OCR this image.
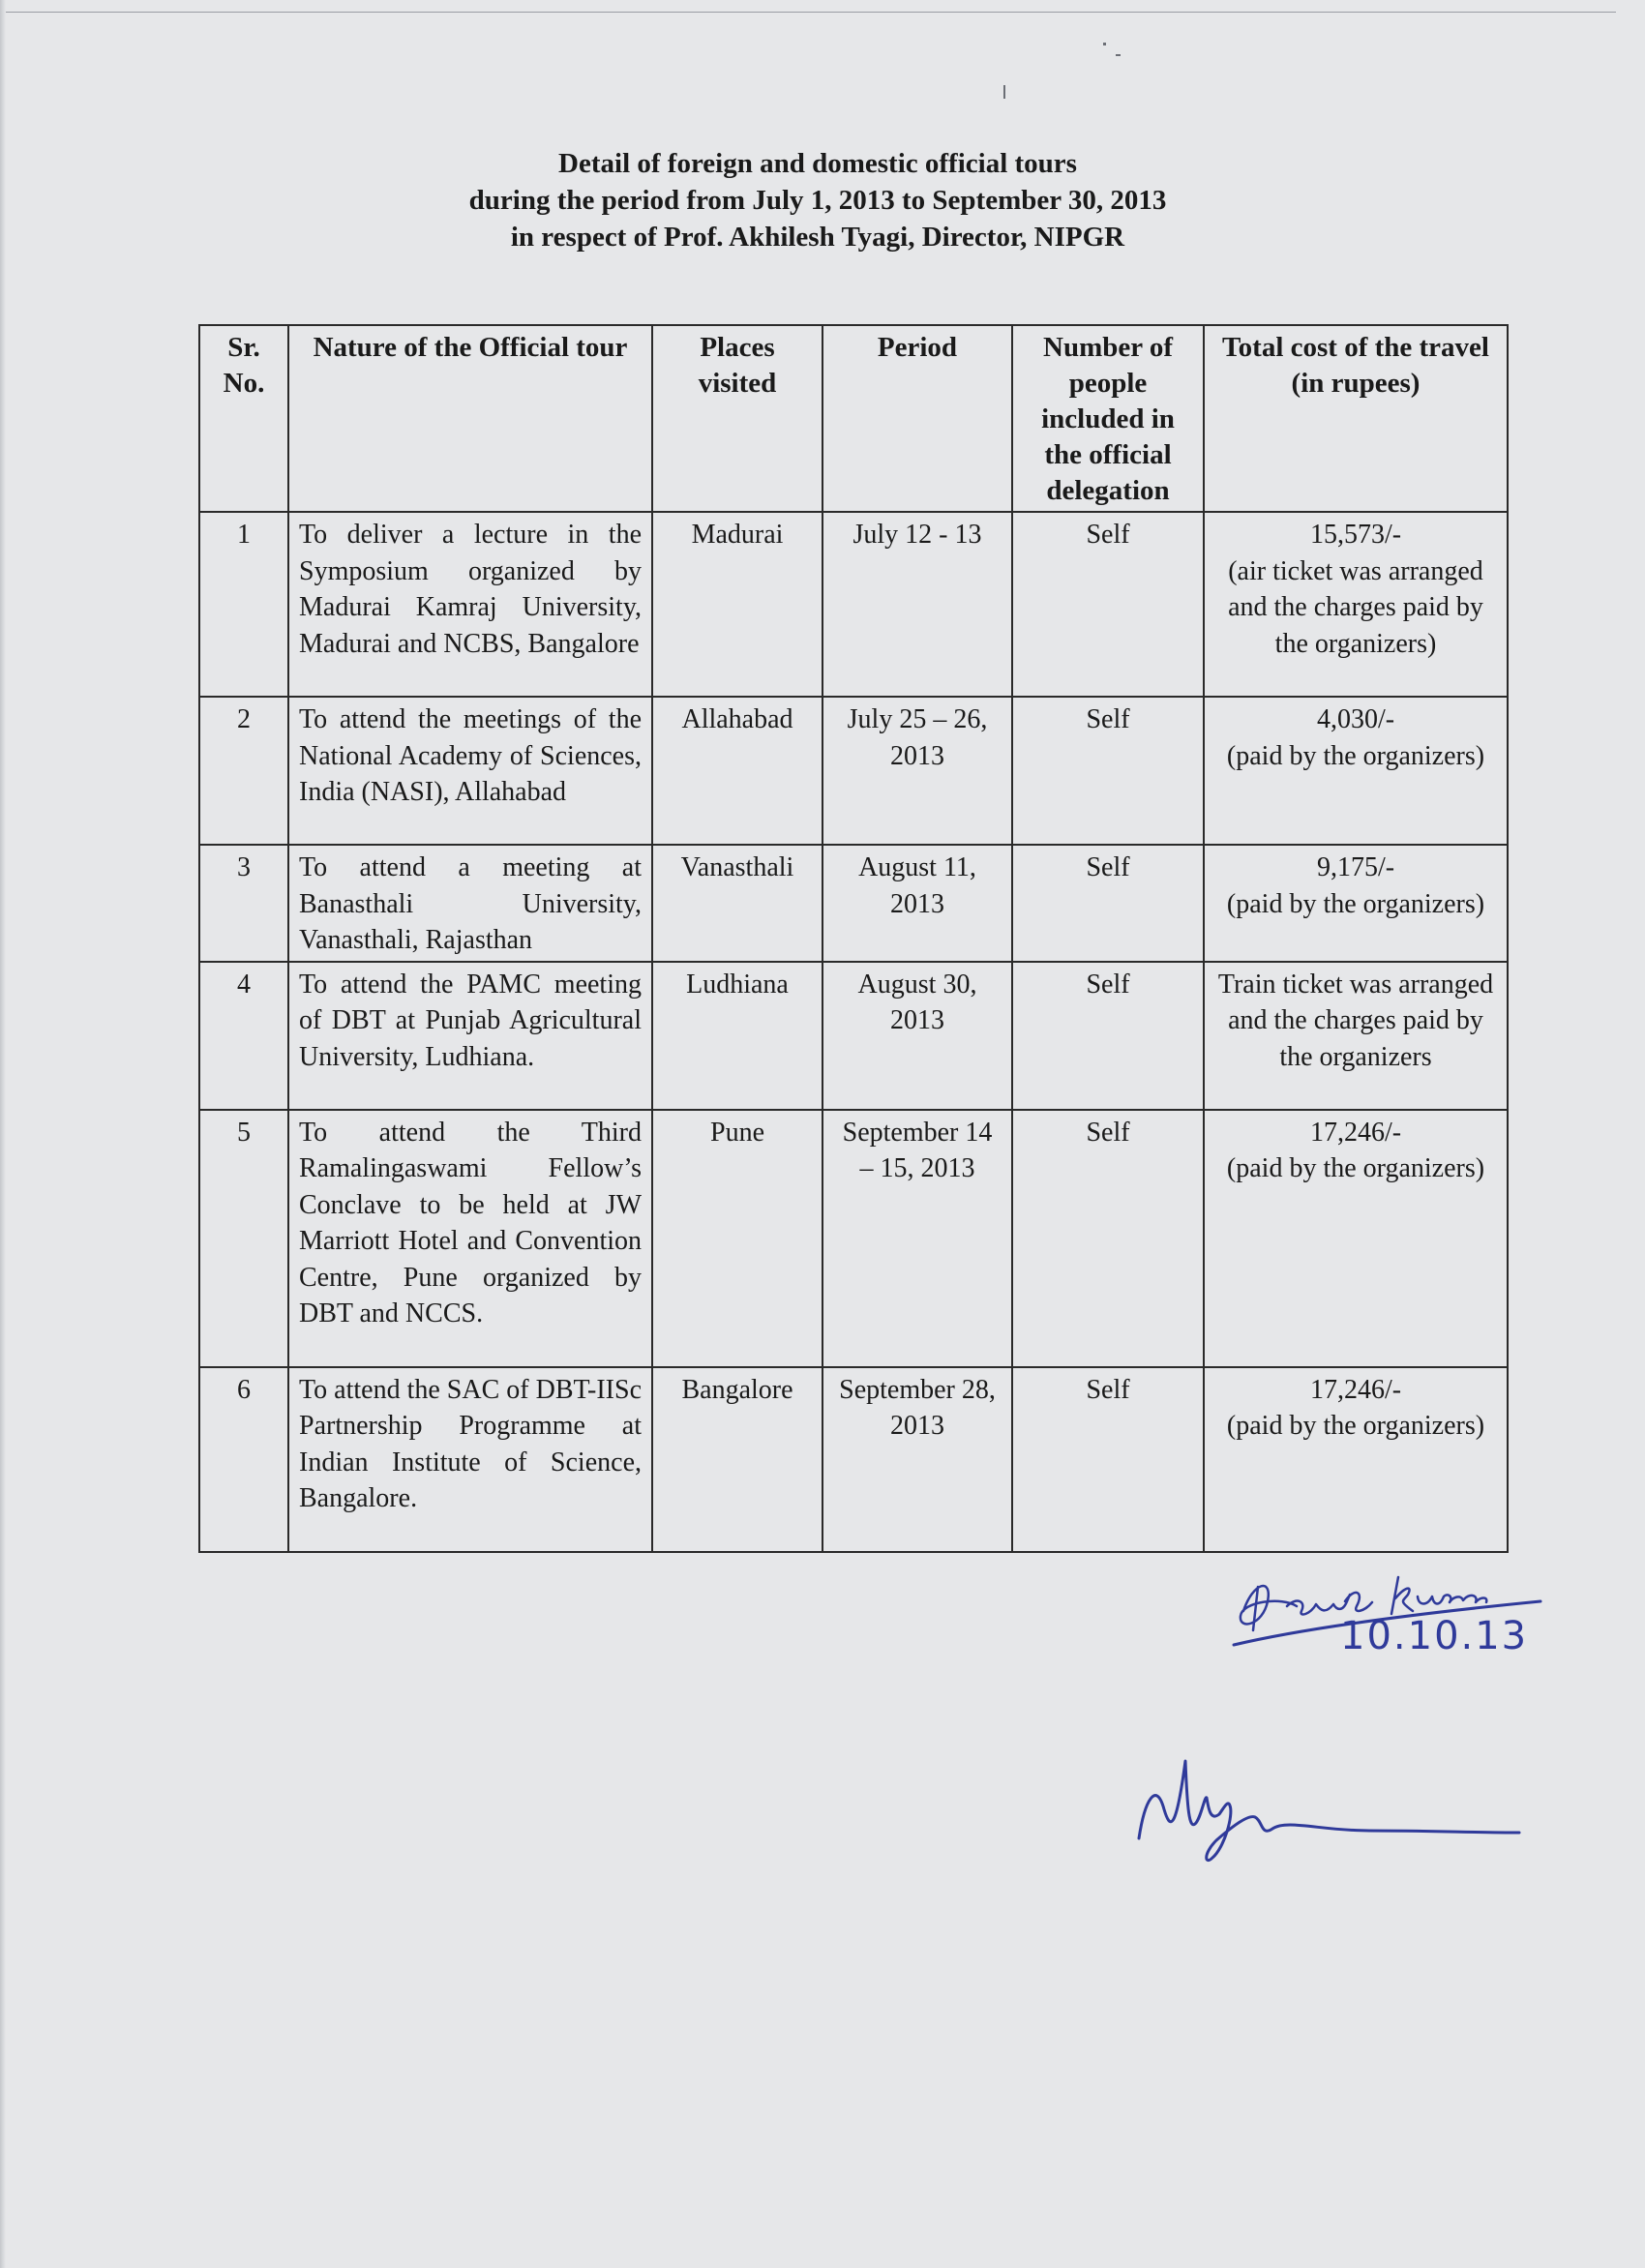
Detail of foreign and domestic official tours
during the period from July 1, 2013 to September 30, 2013
in respect of Prof. Akhilesh Tyagi, Director, NIPGR
Sr. No.	Nature of the Official tour	Places visited	Period	Number of people included in the official delegation	Total cost of the travel (in rupees)
1	To deliver a lecture in the Symposium organized by Madurai Kamraj University, Madurai and NCBS, Bangalore	Madurai	July 12 - 13	Self	15,573/-
(air ticket was arranged and the charges paid by the organizers)

2	To attend the meetings of the National Academy of Sciences, India (NASI), Allahabad	Allahabad	July 25 – 26, 2013	Self	4,030/-
(paid by the organizers)

3	To attend a meeting at Banasthali University, Vanasthali, Rajasthan	Vanasthali	August 11, 2013	Self	9,175/-
(paid by the organizers)

4	To attend the PAMC meeting of DBT at Punjab Agricultural University, Ludhiana.	Ludhiana	August 30, 2013	Self	Train ticket was arranged and the charges paid by the organizers

5	To attend the Third Ramalingaswami Fellow’s Conclave to be held at JW Marriott Hotel and Convention Centre, Pune organized by DBT and NCCS.	Pune	September 14 – 15, 2013	Self	17,246/-
(paid by the organizers)

6	To attend the SAC of DBT-IISc Partnership Programme at Indian Institute of Science, Bangalore.	Bangalore	September 28, 2013	Self	17,246/-
(paid by the organizers)
10.10.13
